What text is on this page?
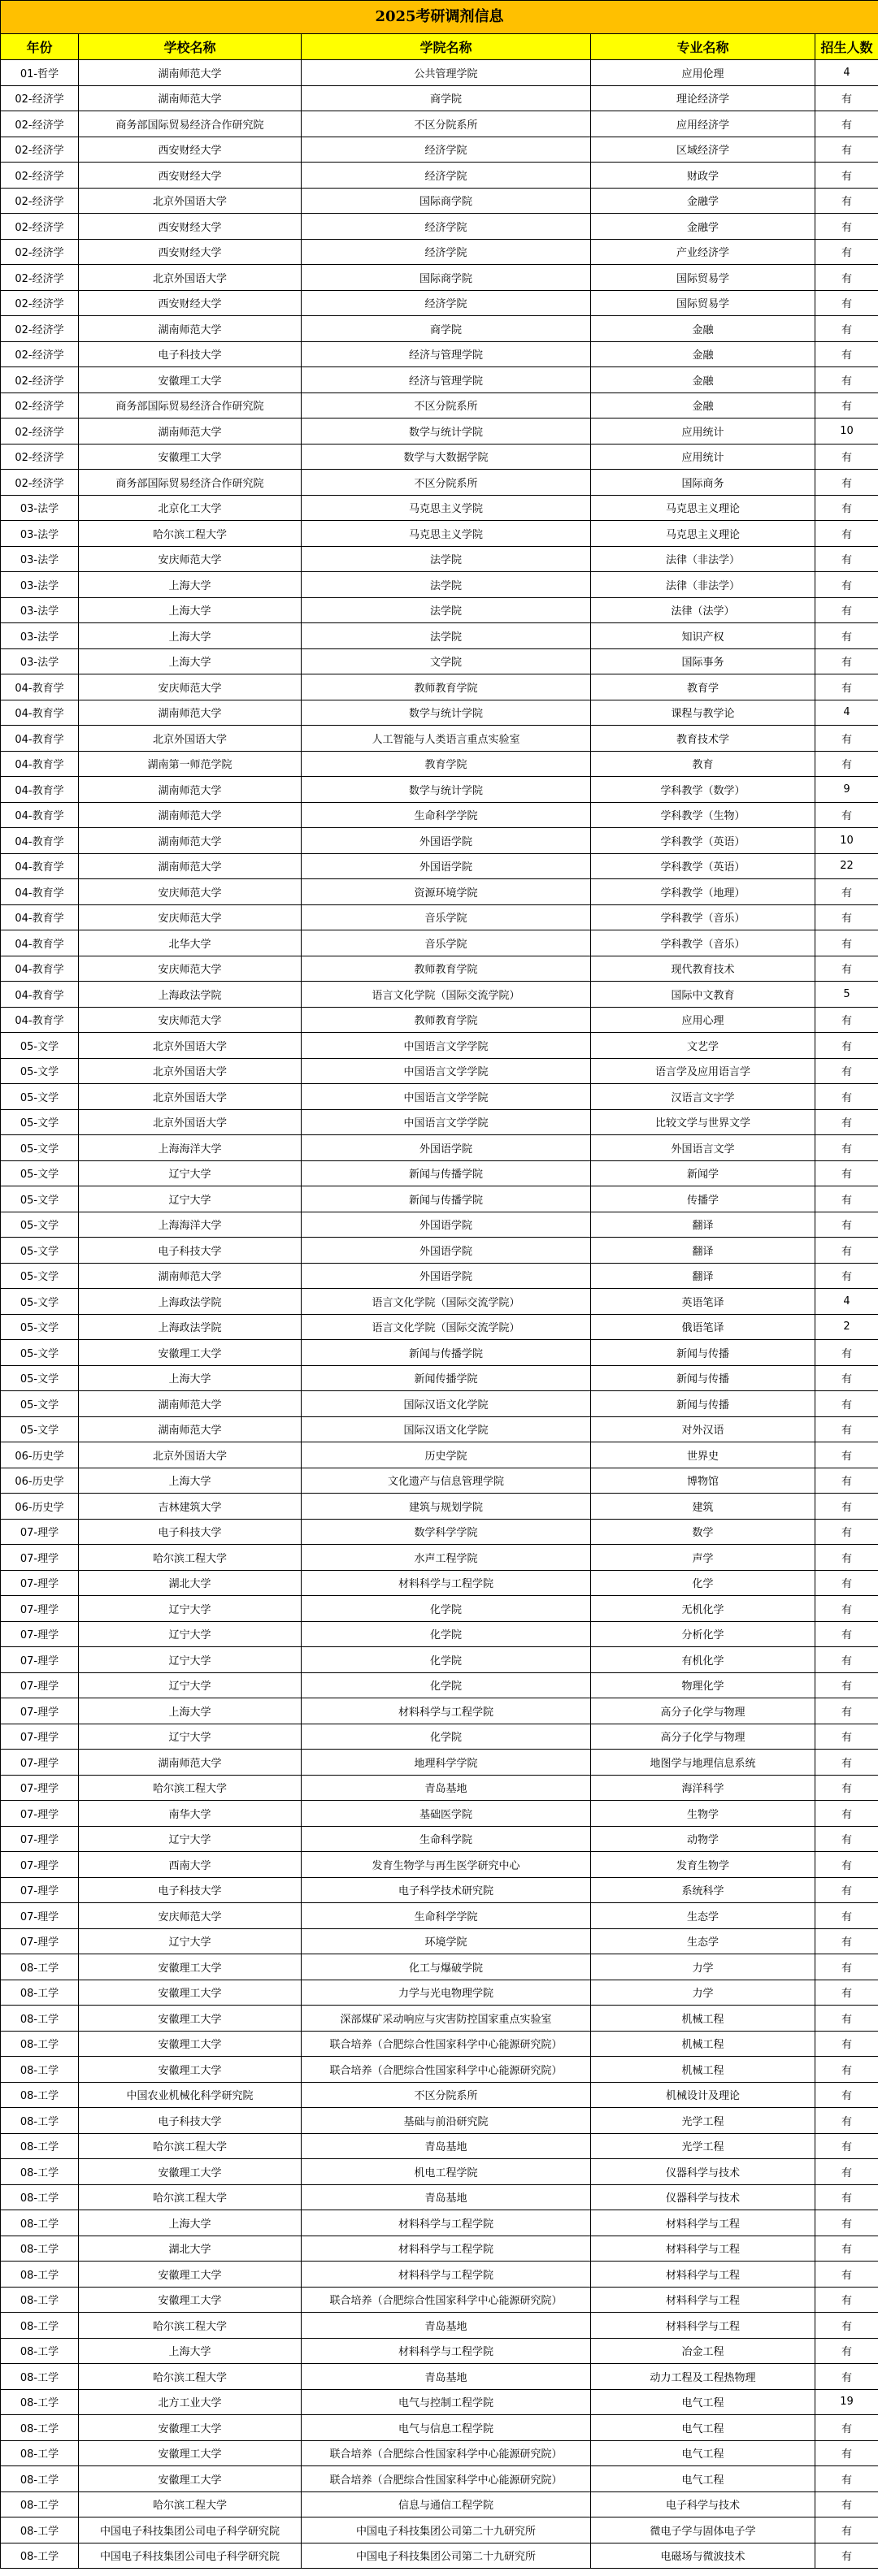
2025考研调剂信息
年份	学校名称	学院名称	专业名称	招生人数
01-哲学	湖南师范大学	公共管理学院	应用伦理	4
02-经济学	湖南师范大学	商学院	理论经济学	有
02-经济学	商务部国际贸易经济合作研究院	不区分院系所	应用经济学	有
02-经济学	西安财经大学	经济学院	区域经济学	有
02-经济学	西安财经大学	经济学院	财政学	有
02-经济学	北京外国语大学	国际商学院	金融学	有
02-经济学	西安财经大学	经济学院	金融学	有
02-经济学	西安财经大学	经济学院	产业经济学	有
02-经济学	北京外国语大学	国际商学院	国际贸易学	有
02-经济学	西安财经大学	经济学院	国际贸易学	有
02-经济学	湖南师范大学	商学院	金融	有
02-经济学	电子科技大学	经济与管理学院	金融	有
02-经济学	安徽理工大学	经济与管理学院	金融	有
02-经济学	商务部国际贸易经济合作研究院	不区分院系所	金融	有
02-经济学	湖南师范大学	数学与统计学院	应用统计	10
02-经济学	安徽理工大学	数学与大数据学院	应用统计	有
02-经济学	商务部国际贸易经济合作研究院	不区分院系所	国际商务	有
03-法学	北京化工大学	马克思主义学院	马克思主义理论	有
03-法学	哈尔滨工程大学	马克思主义学院	马克思主义理论	有
03-法学	安庆师范大学	法学院	法律（非法学）	有
03-法学	上海大学	法学院	法律（非法学）	有
03-法学	上海大学	法学院	法律（法学）	有
03-法学	上海大学	法学院	知识产权	有
03-法学	上海大学	文学院	国际事务	有
04-教育学	安庆师范大学	教师教育学院	教育学	有
04-教育学	湖南师范大学	数学与统计学院	课程与教学论	4
04-教育学	北京外国语大学	人工智能与人类语言重点实验室	教育技术学	有
04-教育学	湖南第一师范学院	教育学院	教育	有
04-教育学	湖南师范大学	数学与统计学院	学科教学（数学）	9
04-教育学	湖南师范大学	生命科学学院	学科教学（生物）	有
04-教育学	湖南师范大学	外国语学院	学科教学（英语）	10
04-教育学	湖南师范大学	外国语学院	学科教学（英语）	22
04-教育学	安庆师范大学	资源环境学院	学科教学（地理）	有
04-教育学	安庆师范大学	音乐学院	学科教学（音乐）	有
04-教育学	北华大学	音乐学院	学科教学（音乐）	有
04-教育学	安庆师范大学	教师教育学院	现代教育技术	有
04-教育学	上海政法学院	语言文化学院（国际交流学院）	国际中文教育	5
04-教育学	安庆师范大学	教师教育学院	应用心理	有
05-文学	北京外国语大学	中国语言文学学院	文艺学	有
05-文学	北京外国语大学	中国语言文学学院	语言学及应用语言学	有
05-文学	北京外国语大学	中国语言文学学院	汉语言文字学	有
05-文学	北京外国语大学	中国语言文学学院	比较文学与世界文学	有
05-文学	上海海洋大学	外国语学院	外国语言文学	有
05-文学	辽宁大学	新闻与传播学院	新闻学	有
05-文学	辽宁大学	新闻与传播学院	传播学	有
05-文学	上海海洋大学	外国语学院	翻译	有
05-文学	电子科技大学	外国语学院	翻译	有
05-文学	湖南师范大学	外国语学院	翻译	有
05-文学	上海政法学院	语言文化学院（国际交流学院）	英语笔译	4
05-文学	上海政法学院	语言文化学院（国际交流学院）	俄语笔译	2
05-文学	安徽理工大学	新闻与传播学院	新闻与传播	有
05-文学	上海大学	新闻传播学院	新闻与传播	有
05-文学	湖南师范大学	国际汉语文化学院	新闻与传播	有
05-文学	湖南师范大学	国际汉语文化学院	对外汉语	有
06-历史学	北京外国语大学	历史学院	世界史	有
06-历史学	上海大学	文化遗产与信息管理学院	博物馆	有
06-历史学	吉林建筑大学	建筑与规划学院	建筑	有
07-理学	电子科技大学	数学科学学院	数学	有
07-理学	哈尔滨工程大学	水声工程学院	声学	有
07-理学	湖北大学	材料科学与工程学院	化学	有
07-理学	辽宁大学	化学院	无机化学	有
07-理学	辽宁大学	化学院	分析化学	有
07-理学	辽宁大学	化学院	有机化学	有
07-理学	辽宁大学	化学院	物理化学	有
07-理学	上海大学	材料科学与工程学院	高分子化学与物理	有
07-理学	辽宁大学	化学院	高分子化学与物理	有
07-理学	湖南师范大学	地理科学学院	地图学与地理信息系统	有
07-理学	哈尔滨工程大学	青岛基地	海洋科学	有
07-理学	南华大学	基础医学院	生物学	有
07-理学	辽宁大学	生命科学院	动物学	有
07-理学	西南大学	发育生物学与再生医学研究中心	发育生物学	有
07-理学	电子科技大学	电子科学技术研究院	系统科学	有
07-理学	安庆师范大学	生命科学学院	生态学	有
07-理学	辽宁大学	环境学院	生态学	有
08-工学	安徽理工大学	化工与爆破学院	力学	有
08-工学	安徽理工大学	力学与光电物理学院	力学	有
08-工学	安徽理工大学	深部煤矿采动响应与灾害防控国家重点实验室	机械工程	有
08-工学	安徽理工大学	联合培养（合肥综合性国家科学中心能源研究院）	机械工程	有
08-工学	安徽理工大学	联合培养（合肥综合性国家科学中心能源研究院）	机械工程	有
08-工学	中国农业机械化科学研究院	不区分院系所	机械设计及理论	有
08-工学	电子科技大学	基础与前沿研究院	光学工程	有
08-工学	哈尔滨工程大学	青岛基地	光学工程	有
08-工学	安徽理工大学	机电工程学院	仪器科学与技术	有
08-工学	哈尔滨工程大学	青岛基地	仪器科学与技术	有
08-工学	上海大学	材料科学与工程学院	材料科学与工程	有
08-工学	湖北大学	材料科学与工程学院	材料科学与工程	有
08-工学	安徽理工大学	材料科学与工程学院	材料科学与工程	有
08-工学	安徽理工大学	联合培养（合肥综合性国家科学中心能源研究院）	材料科学与工程	有
08-工学	哈尔滨工程大学	青岛基地	材料科学与工程	有
08-工学	上海大学	材料科学与工程学院	冶金工程	有
08-工学	哈尔滨工程大学	青岛基地	动力工程及工程热物理	有
08-工学	北方工业大学	电气与控制工程学院	电气工程	19
08-工学	安徽理工大学	电气与信息工程学院	电气工程	有
08-工学	安徽理工大学	联合培养（合肥综合性国家科学中心能源研究院）	电气工程	有
08-工学	安徽理工大学	联合培养（合肥综合性国家科学中心能源研究院）	电气工程	有
08-工学	哈尔滨工程大学	信息与通信工程学院	电子科学与技术	有
08-工学	中国电子科技集团公司电子科学研究院	中国电子科技集团公司第二十九研究所	微电子学与固体电子学	有
08-工学	中国电子科技集团公司电子科学研究院	中国电子科技集团公司第二十九研究所	电磁场与微波技术	有
